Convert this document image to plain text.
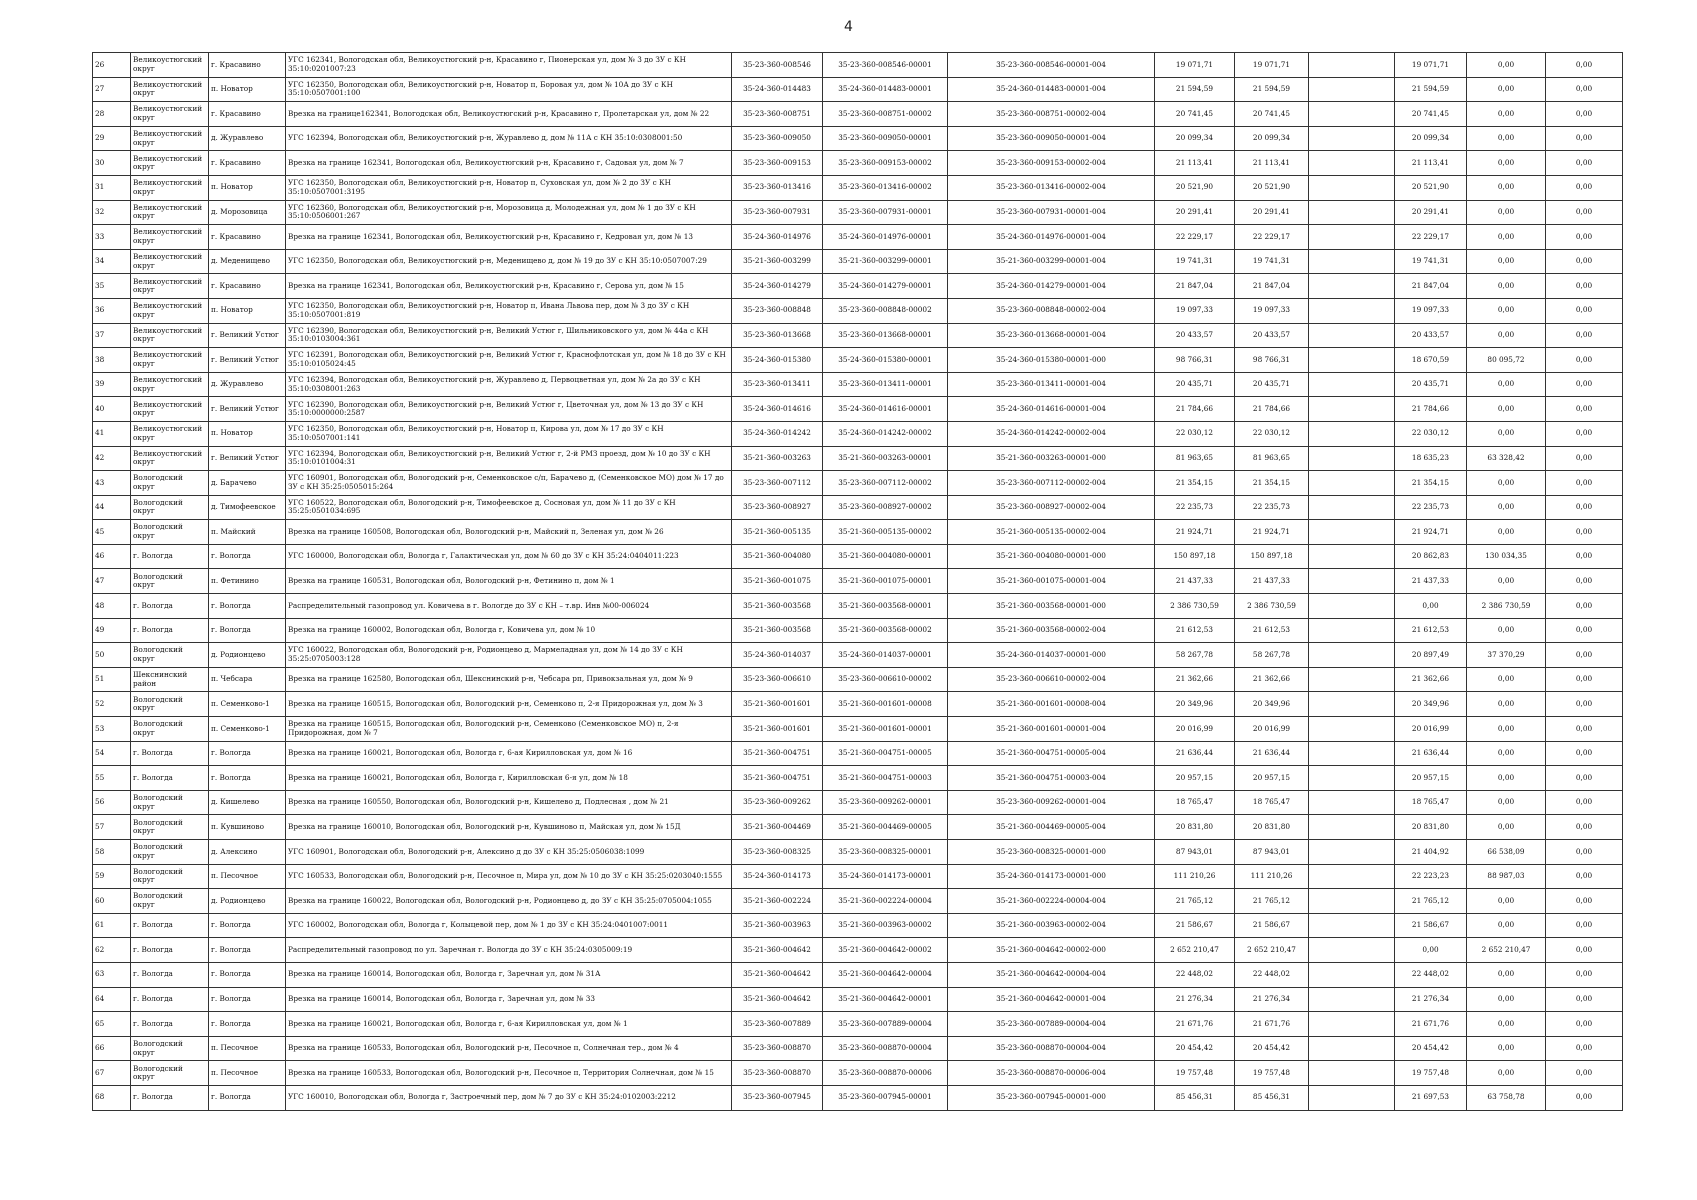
4
26	Великоустюгский округ	г. Красавино	УГС 162341, Вологодская обл, Великоустюгский р-н, Красавино г, Пионерская ул, дом № 3 до ЗУ с КН 35:10:0201007:23	35-23-360-008546	35-23-360-008546-00001	35-23-360-008546-00001-004	19 071,71	19 071,71		19 071,71	0,00	0,00
27	Великоустюгский округ	п. Новатор	УГС 162350, Вологодская обл, Великоустюгский р-н, Новатор п, Боровая ул, дом № 10А до ЗУ с КН 35:10:0507001:100	35-24-360-014483	35-24-360-014483-00001	35-24-360-014483-00001-004	21 594,59	21 594,59		21 594,59	0,00	0,00
28	Великоустюгский округ	г. Красавино	Врезка на границе162341, Вологодская обл, Великоустюгский р-н, Красавино г, Пролетарская ул, дом № 22	35-23-360-008751	35-23-360-008751-00002	35-23-360-008751-00002-004	20 741,45	20 741,45		20 741,45	0,00	0,00
29	Великоустюгский округ	д. Журавлево	УГС 162394, Вологодская обл, Великоустюгский р-н, Журавлево д, дом № 11А с КН 35:10:0308001:50	35-23-360-009050	35-23-360-009050-00001	35-23-360-009050-00001-004	20 099,34	20 099,34		20 099,34	0,00	0,00
30	Великоустюгский округ	г. Красавино	Врезка на границе 162341, Вологодская обл, Великоустюгский р-н, Красавино г, Садовая ул, дом № 7	35-23-360-009153	35-23-360-009153-00002	35-23-360-009153-00002-004	21 113,41	21 113,41		21 113,41	0,00	0,00
31	Великоустюгский округ	п. Новатор	УГС 162350, Вологодская обл, Великоустюгский р-н, Новатор п, Суховская ул, дом № 2 до ЗУ с КН 35:10:0507001:3195	35-23-360-013416	35-23-360-013416-00002	35-23-360-013416-00002-004	20 521,90	20 521,90		20 521,90	0,00	0,00
32	Великоустюгский округ	д. Морозовица	УГС 162360, Вологодская обл, Великоустюгский р-н, Морозовица д, Молодежная ул, дом № 1 до ЗУ с КН 35:10:0506001:267	35-23-360-007931	35-23-360-007931-00001	35-23-360-007931-00001-004	20 291,41	20 291,41		20 291,41	0,00	0,00
33	Великоустюгский округ	г. Красавино	Врезка на границе 162341, Вологодская обл, Великоустюгский р-н, Красавино г, Кедровая ул, дом № 13	35-24-360-014976	35-24-360-014976-00001	35-24-360-014976-00001-004	22 229,17	22 229,17		22 229,17	0,00	0,00
34	Великоустюгский округ	д. Меденищево	УГС 162350, Вологодская обл, Великоустюгский р-н, Меденищево д, дом № 19 до ЗУ с КН 35:10:0507007:29	35-21-360-003299	35-21-360-003299-00001	35-21-360-003299-00001-004	19 741,31	19 741,31		19 741,31	0,00	0,00
35	Великоустюгский округ	г. Красавино	Врезка на границе 162341, Вологодская обл, Великоустюгский р-н, Красавино г, Серова ул, дом № 15	35-24-360-014279	35-24-360-014279-00001	35-24-360-014279-00001-004	21 847,04	21 847,04		21 847,04	0,00	0,00
36	Великоустюгский округ	п. Новатор	УГС 162350, Вологодская обл, Великоустюгский р-н, Новатор п, Ивана Львова пер, дом № 3 до ЗУ с КН 35:10:0507001:819	35-23-360-008848	35-23-360-008848-00002	35-23-360-008848-00002-004	19 097,33	19 097,33		19 097,33	0,00	0,00
37	Великоустюгский округ	г. Великий Устюг	УГС 162390, Вологодская обл, Великоустюгский р-н, Великий Устюг г, Шильниковского ул, дом № 44а с КН 35:10:0103004:361	35-23-360-013668	35-23-360-013668-00001	35-23-360-013668-00001-004	20 433,57	20 433,57		20 433,57	0,00	0,00
38	Великоустюгский округ	г. Великий Устюг	УГС 162391, Вологодская обл, Великоустюгский р-н, Великий Устюг г, Краснофлотская ул, дом № 18 до ЗУ с КН 35:10:0105024:45	35-24-360-015380	35-24-360-015380-00001	35-24-360-015380-00001-000	98 766,31	98 766,31		18 670,59	80 095,72	0,00
39	Великоустюгский округ	д. Журавлево	УГС 162394, Вологодская обл, Великоустюгский р-н, Журавлево д, Первоцветная ул, дом № 2а до ЗУ с КН 35:10:0308001:263	35-23-360-013411	35-23-360-013411-00001	35-23-360-013411-00001-004	20 435,71	20 435,71		20 435,71	0,00	0,00
40	Великоустюгский округ	г. Великий Устюг	УГС 162390, Вологодская обл, Великоустюгский р-н, Великий Устюг г, Цветочная ул, дом № 13 до ЗУ с КН 35:10:0000000:2587	35-24-360-014616	35-24-360-014616-00001	35-24-360-014616-00001-004	21 784,66	21 784,66		21 784,66	0,00	0,00
41	Великоустюгский округ	п. Новатор	УГС 162350, Вологодская обл, Великоустюгский р-н, Новатор п, Кирова ул, дом № 17 до ЗУ с КН 35:10:0507001:141	35-24-360-014242	35-24-360-014242-00002	35-24-360-014242-00002-004	22 030,12	22 030,12		22 030,12	0,00	0,00
42	Великоустюгский округ	г. Великий Устюг	УГС 162394, Вологодская обл, Великоустюгский р-н, Великий Устюг г, 2-й РМЗ проезд, дом № 10 до ЗУ с КН 35:10:0101004:31	35-21-360-003263	35-21-360-003263-00001	35-21-360-003263-00001-000	81 963,65	81 963,65		18 635,23	63 328,42	0,00
43	Вологодский округ	д. Барачево	УГС 160901, Вологодская обл, Вологодский р-н, Семенковское с/п, Барачево д, (Семенковское МО) дом № 17 до ЗУ с КН 35:25:0505015:264	35-23-360-007112	35-23-360-007112-00002	35-23-360-007112-00002-004	21 354,15	21 354,15		21 354,15	0,00	0,00
44	Вологодский округ	д. Тимофеевское	УГС 160522, Вологодская обл, Вологодский р-н, Тимофеевское д, Сосновая ул, дом № 11 до ЗУ с КН 35:25:0501034:695	35-23-360-008927	35-23-360-008927-00002	35-23-360-008927-00002-004	22 235,73	22 235,73		22 235,73	0,00	0,00
45	Вологодский округ	п. Майский	Врезка на границе 160508, Вологодская обл, Вологодский р-н, Майский п, Зеленая ул, дом № 26	35-21-360-005135	35-21-360-005135-00002	35-21-360-005135-00002-004	21 924,71	21 924,71		21 924,71	0,00	0,00
46	г. Вологда	г. Вологда	УГС 160000, Вологодская обл, Вологда г, Галактическая ул, дом № 60 до ЗУ с КН 35:24:0404011:223	35-21-360-004080	35-21-360-004080-00001	35-21-360-004080-00001-000	150 897,18	150 897,18		20 862,83	130 034,35	0,00
47	Вологодский округ	п. Фетинино	Врезка на границе 160531, Вологодская обл, Вологодский р-н, Фетинино п, дом № 1	35-21-360-001075	35-21-360-001075-00001	35-21-360-001075-00001-004	21 437,33	21 437,33		21 437,33	0,00	0,00
48	г. Вологда	г. Вологда	Распределительный газопровод ул. Ковичева в г. Вологде до ЗУ с КН – т.вр. Инв №00-006024	35-21-360-003568	35-21-360-003568-00001	35-21-360-003568-00001-000	2 386 730,59	2 386 730,59		0,00	2 386 730,59	0,00
49	г. Вологда	г. Вологда	Врезка на границе 160002, Вологодская обл, Вологда г, Ковичева ул, дом № 10	35-21-360-003568	35-21-360-003568-00002	35-21-360-003568-00002-004	21 612,53	21 612,53		21 612,53	0,00	0,00
50	Вологодский округ	д. Родионцево	УГС 160022, Вологодская обл, Вологодский р-н, Родионцево д, Мармеладная ул, дом № 14 до ЗУ с КН 35:25:0705003:128	35-24-360-014037	35-24-360-014037-00001	35-24-360-014037-00001-000	58 267,78	58 267,78		20 897,49	37 370,29	0,00
51	Шекснинский район	п. Чебсара	Врезка на границе 162580, Вологодская обл, Шекснинский р-н, Чебсара рп, Привокзальная ул, дом № 9	35-23-360-006610	35-23-360-006610-00002	35-23-360-006610-00002-004	21 362,66	21 362,66		21 362,66	0,00	0,00
52	Вологодский округ	п. Семенково-1	Врезка на границе 160515, Вологодская обл, Вологодский р-н, Семенково п, 2-я Придорожная ул, дом № 3	35-21-360-001601	35-21-360-001601-00008	35-21-360-001601-00008-004	20 349,96	20 349,96		20 349,96	0,00	0,00
53	Вологодский округ	п. Семенково-1	Врезка на границе 160515, Вологодская обл, Вологодский р-н, Семенково (Семенковское МО) п, 2-я Придорожная, дом № 7	35-21-360-001601	35-21-360-001601-00001	35-21-360-001601-00001-004	20 016,99	20 016,99		20 016,99	0,00	0,00
54	г. Вологда	г. Вологда	Врезка на границе 160021, Вологодская обл, Вологда г, 6-ая Кирилловская ул, дом № 16	35-21-360-004751	35-21-360-004751-00005	35-21-360-004751-00005-004	21 636,44	21 636,44		21 636,44	0,00	0,00
55	г. Вологда	г. Вологда	Врезка на границе 160021, Вологодская обл, Вологда г, Кирилловская 6-я ул, дом № 18	35-21-360-004751	35-21-360-004751-00003	35-21-360-004751-00003-004	20 957,15	20 957,15		20 957,15	0,00	0,00
56	Вологодский округ	д. Кишелево	Врезка на границе 160550, Вологодская обл, Вологодский р-н, Кишелево д, Подлесная , дом № 21	35-23-360-009262	35-23-360-009262-00001	35-23-360-009262-00001-004	18 765,47	18 765,47		18 765,47	0,00	0,00
57	Вологодский округ	п. Кувшиново	Врезка на границе 160010, Вологодская обл, Вологодский р-н, Кувшиново п, Майская ул, дом № 15Д	35-21-360-004469	35-21-360-004469-00005	35-21-360-004469-00005-004	20 831,80	20 831,80		20 831,80	0,00	0,00
58	Вологодский округ	д. Алексино	УГС 160901, Вологодская обл, Вологодский р-н, Алексино д до ЗУ с КН 35:25:0506038:1099	35-23-360-008325	35-23-360-008325-00001	35-23-360-008325-00001-000	87 943,01	87 943,01		21 404,92	66 538,09	0,00
59	Вологодский округ	п. Песочное	УГС 160533, Вологодская обл, Вологодский р-н, Песочное п, Мира ул, дом № 10 до ЗУ с КН 35:25:0203040:1555	35-24-360-014173	35-24-360-014173-00001	35-24-360-014173-00001-000	111 210,26	111 210,26		22 223,23	88 987,03	0,00
60	Вологодский округ	д. Родионцево	Врезка на границе 160022, Вологодская обл, Вологодский р-н, Родионцево д, до ЗУ с КН 35:25:0705004:1055	35-21-360-002224	35-21-360-002224-00004	35-21-360-002224-00004-004	21 765,12	21 765,12		21 765,12	0,00	0,00
61	г. Вологда	г. Вологда	УГС 160002, Вологодская обл, Вологда г, Колыцевой пер, дом № 1 до ЗУ с КН 35:24:0401007:0011	35-21-360-003963	35-21-360-003963-00002	35-21-360-003963-00002-004	21 586,67	21 586,67		21 586,67	0,00	0,00
62	г. Вологда	г. Вологда	Распределительный газопровод по ул. Заречная г. Вологда до ЗУ с КН 35:24:0305009:19	35-21-360-004642	35-21-360-004642-00002	35-21-360-004642-00002-000	2 652 210,47	2 652 210,47		0,00	2 652 210,47	0,00
63	г. Вологда	г. Вологда	Врезка на границе 160014, Вологодская обл, Вологда г, Заречная ул, дом № 31А	35-21-360-004642	35-21-360-004642-00004	35-21-360-004642-00004-004	22 448,02	22 448,02		22 448,02	0,00	0,00
64	г. Вологда	г. Вологда	Врезка на границе 160014, Вологодская обл, Вологда г, Заречная ул, дом № 33	35-21-360-004642	35-21-360-004642-00001	35-21-360-004642-00001-004	21 276,34	21 276,34		21 276,34	0,00	0,00
65	г. Вологда	г. Вологда	Врезка на границе 160021, Вологодская обл, Вологда г, 6-ая Кирилловская ул, дом № 1	35-23-360-007889	35-23-360-007889-00004	35-23-360-007889-00004-004	21 671,76	21 671,76		21 671,76	0,00	0,00
66	Вологодский округ	п. Песочное	Врезка на границе 160533, Вологодская обл, Вологодский р-н, Песочное п, Солнечная тер., дом № 4	35-23-360-008870	35-23-360-008870-00004	35-23-360-008870-00004-004	20 454,42	20 454,42		20 454,42	0,00	0,00
67	Вологодский округ	п. Песочное	Врезка на границе 160533, Вологодская обл, Вологодский р-н, Песочное п, Территория Солнечная, дом № 15	35-23-360-008870	35-23-360-008870-00006	35-23-360-008870-00006-004	19 757,48	19 757,48		19 757,48	0,00	0,00
68	г. Вологда	г. Вологда	УГС 160010, Вологодская обл, Вологда г, Застроечный пер, дом № 7 до ЗУ с КН 35:24:0102003:2212	35-23-360-007945	35-23-360-007945-00001	35-23-360-007945-00001-000	85 456,31	85 456,31		21 697,53	63 758,78	0,00
